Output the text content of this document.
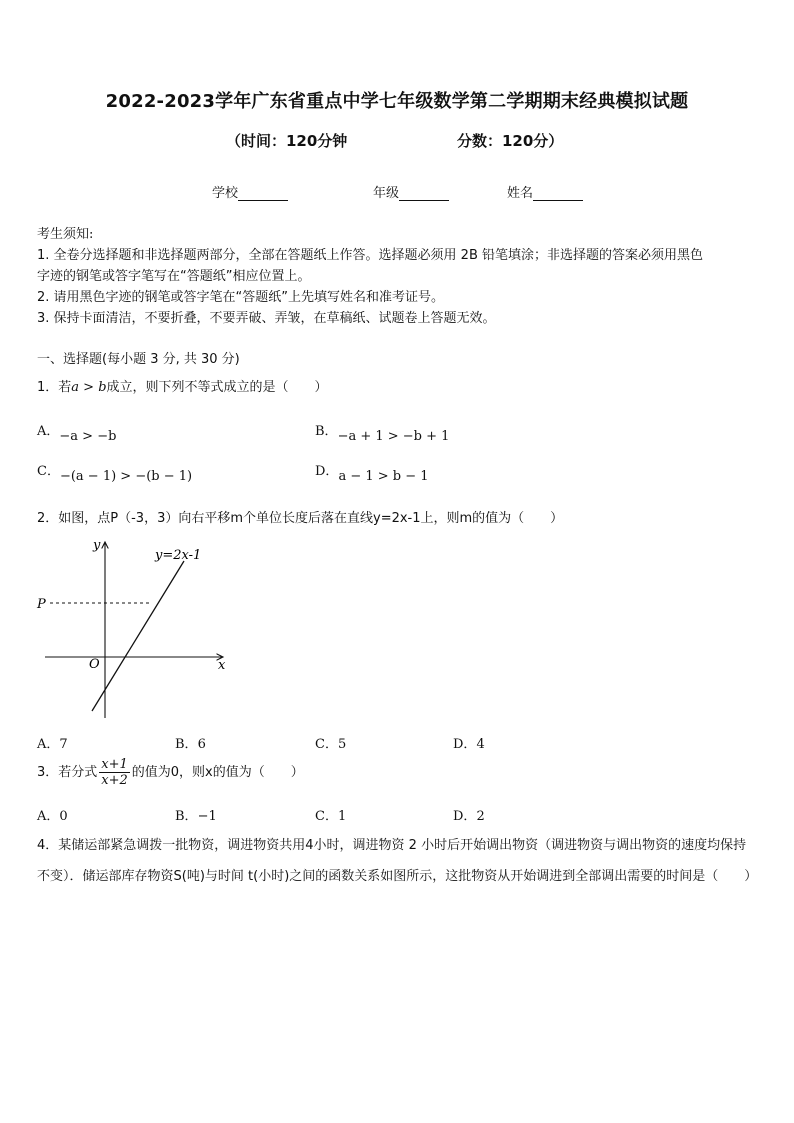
2022-2023学年广东省重点中学七年级数学第二学期期末经典模拟试题
（时间：120分钟	分数：120分）
学校	年级	姓名
考生须知:
1. 全卷分选择题和非选择题两部分，全部在答题纸上作答。选择题必须用 2B 铅笔填涂；非选择题的答案必须用黑色
字迹的钢笔或答字笔写在“答题纸”相应位置上。
2. 请用黑色字迹的钢笔或答字笔在“答题纸”上先填写姓名和准考证号。
3. 保持卡面清洁，不要折叠，不要弄破、弄皱，在草稿纸、试题卷上答题无效。
一、选择题(每小题 3 分, 共 30 分)
1．若a > b成立，则下列不等式成立的是（　　）
A．−a > −b	B．−a + 1 > −b + 1
C．−(a − 1) > −(b − 1)	D．a − 1 > b − 1
2．如图，点P（-3，3）向右平移m个单位长度后落在直线y=2x-1上，则m的值为（　　）
y
x
O
P
y=2x-1
A．7	B．6	C．5	D．4
3．若分式 $\frac{x+1}{x+2}$ 的值为0，则x的值为（　　）
A．0	B．−1	C．1	D．2
4．某储运部紧急调拨一批物资，调进物资共用4小时，调进物资 2 小时后开始调出物资（调进物资与调出物资的速度均保持不变）．储运部库存物资S(吨)与时间 t(小时)之间的函数关系如图所示，这批物资从开始调进到全部调出需要的时间是（　　）
